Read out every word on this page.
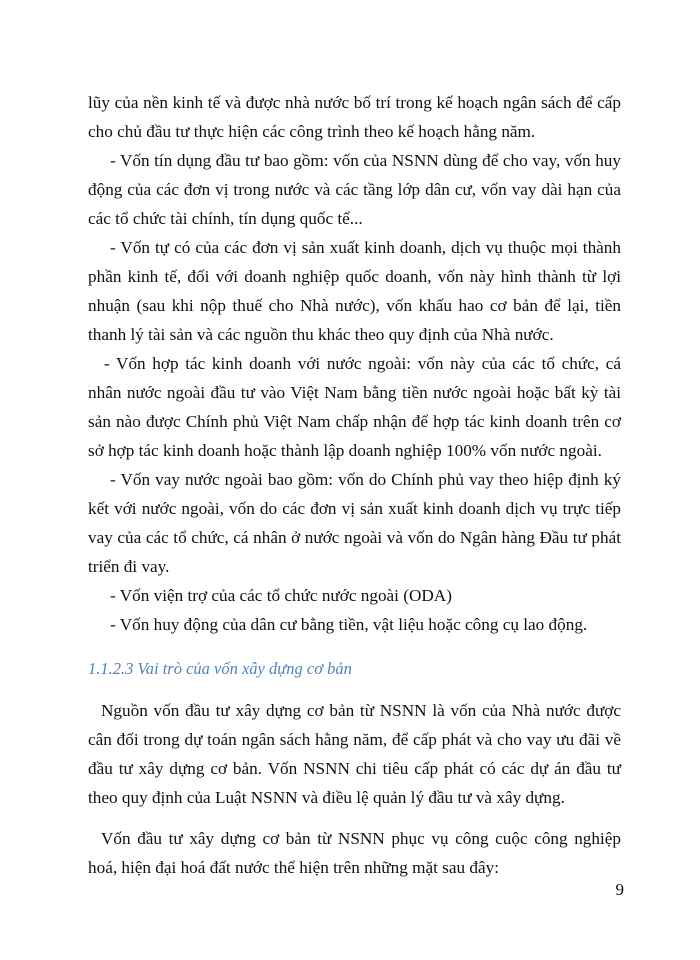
lũy của nền kinh tế và được nhà nước bố trí trong kế hoạch ngân sách để cấp cho chủ đầu tư thực hiện các công trình theo kế hoạch hằng năm.

- Vốn tín dụng đầu tư bao gồm: vốn của NSNN dùng để cho vay, vốn huy động của các đơn vị trong nước và các tầng lớp dân cư, vốn vay dài hạn của các tổ chức tài chính, tín dụng quốc tế...

- Vốn tự có của các đơn vị sản xuất kinh doanh, dịch vụ thuộc mọi thành phần kinh tế, đối với doanh nghiệp quốc doanh, vốn này hình thành từ lợi nhuận (sau khi nộp thuế cho Nhà nước), vốn khấu hao cơ bản để lại, tiền thanh lý tài sản và các nguồn thu khác theo quy định của Nhà nước.

- Vốn hợp tác kinh doanh với nước ngoài: vốn này của các tổ chức, cá nhân nước ngoài đầu tư vào Việt Nam bằng tiền nước ngoài hoặc bất kỳ tài sản nào được Chính phủ Việt Nam chấp nhận để hợp tác kinh doanh trên cơ sở hợp tác kinh doanh hoặc thành lập doanh nghiệp 100% vốn nước ngoài.

- Vốn vay nước ngoài bao gồm: vốn do Chính phủ vay theo hiệp định ký kết với nước ngoài, vốn do các đơn vị sản xuất kinh doanh dịch vụ trực tiếp vay của các tổ chức, cá nhân ở nước ngoài và vốn do Ngân hàng Đầu tư phát triển đi vay.

- Vốn viện trợ của các tổ chức nước ngoài (ODA)

- Vốn huy động của dân cư bằng tiền, vật liệu hoặc công cụ lao động.

1.1.2.3 Vai trò của vốn xây dựng cơ bản

Nguồn vốn đầu tư xây dựng cơ bản từ NSNN là vốn của Nhà nước được cân đối trong dự toán ngân sách hằng năm, để cấp phát và cho vay ưu đãi về đầu tư xây dựng cơ bản. Vốn NSNN chi tiêu cấp phát có các dự án đầu tư theo quy định của Luật NSNN và điều lệ quản lý đầu tư và xây dựng.

Vốn đầu tư xây dựng cơ bản từ NSNN phục vụ công cuộc công nghiệp hoá, hiện đại hoá đất nước thể hiện trên những mặt sau đây:

9
